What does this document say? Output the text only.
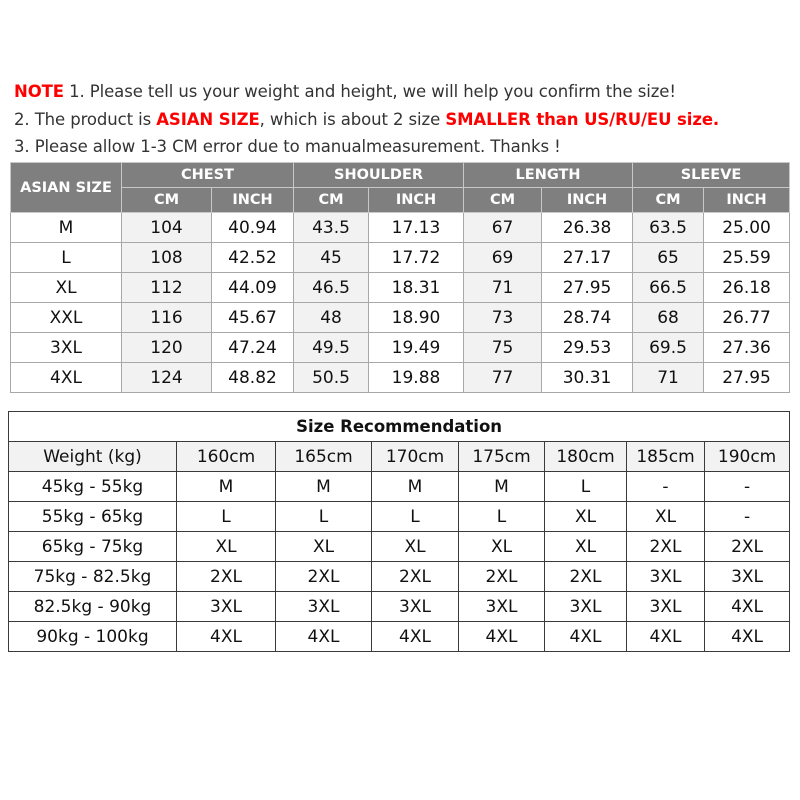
NOTE 1. Please tell us your weight and height, we will help you confirm the size!
2. The product is ASIAN SIZE, which is about 2 size SMALLER than US/RU/EU size.
3. Please allow 1-3 CM error due to manualmeasurement. Thanks !
ASIAN SIZE	CHEST		SHOULDER		LENGTH		SLEEVE	
	CM	INCH	CM	INCH	CM	INCH	CM	INCH
M	104	40.94	43.5	17.13	67	26.38	63.5	25.00
L	108	42.52	45	17.72	69	27.17	65	25.59
XL	112	44.09	46.5	18.31	71	27.95	66.5	26.18
XXL	116	45.67	48	18.90	73	28.74	68	26.77
3XL	120	47.24	49.5	19.49	75	29.53	69.5	27.36
4XL	124	48.82	50.5	19.88	77	30.31	71	27.95
Size Recommendation							
Weight (kg)	160cm	165cm	170cm	175cm	180cm	185cm	190cm
45kg - 55kg	M	M	M	M	L	-	-
55kg - 65kg	L	L	L	L	XL	XL	-
65kg - 75kg	XL	XL	XL	XL	XL	2XL	2XL
75kg - 82.5kg	2XL	2XL	2XL	2XL	2XL	3XL	3XL
82.5kg - 90kg	3XL	3XL	3XL	3XL	3XL	3XL	4XL
90kg - 100kg	4XL	4XL	4XL	4XL	4XL	4XL	4XL
